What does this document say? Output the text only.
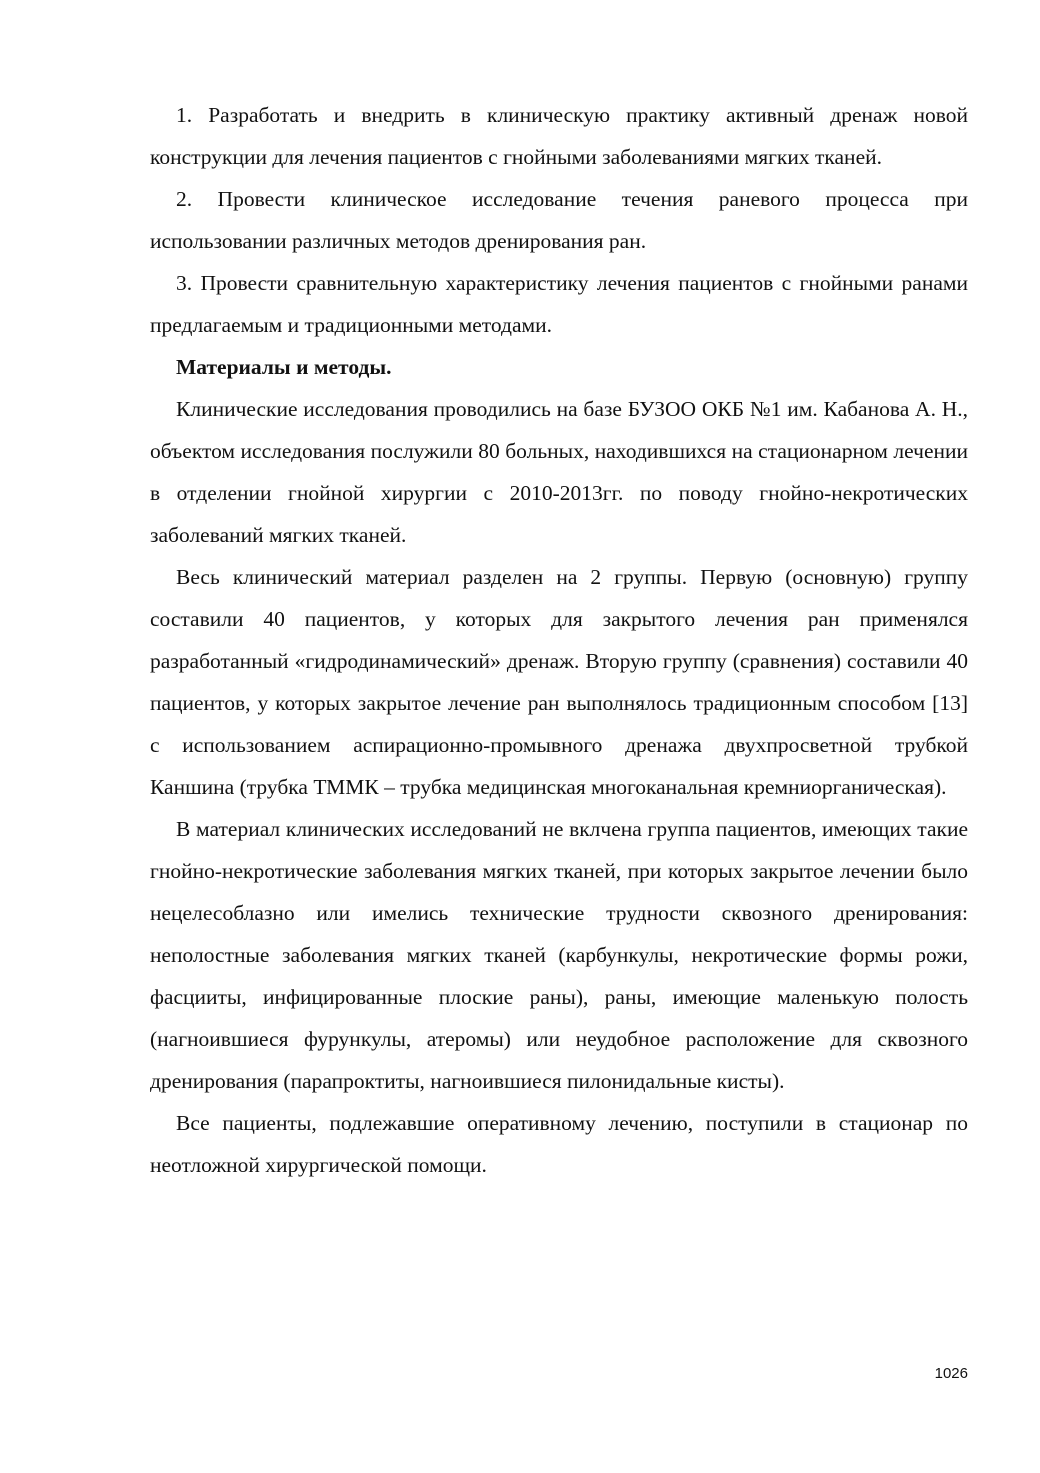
1. Разработать и внедрить в клиническую практику активный дренаж новой конструкции для лечения пациентов с гнойными заболеваниями мягких тканей.

2. Провести клиническое исследование течения раневого процесса при использовании различных методов дренирования ран.

3. Провести сравнительную характеристику лечения пациентов с гнойными ранами предлагаемым и традиционными методами.

Материалы и методы.

Клинические исследования проводились на базе БУЗОО ОКБ №1 им. Кабанова А. Н., объектом исследования послужили 80 больных, находившихся на стационарном лечении в отделении гнойной хирургии с 2010-2013гг. по поводу гнойно-некротических заболеваний мягких тканей.

Весь клинический материал разделен на 2 группы. Первую (основную) группу составили 40 пациентов, у которых для закрытого лечения ран применялся разработанный «гидродинамический» дренаж. Вторую группу (сравнения) составили 40 пациентов, у которых закрытое лечение ран выполнялось традиционным способом [13] с использованием аспирационно-промывного дренажа двухпросветной трубкой Каншина (трубка ТММК – трубка медицинская многоканальная кремниорганическая).

В материал клинических исследований не вклчена группа пациентов, имеющих такие гнойно-некротические заболевания мягких тканей, при которых закрытое лечении было нецелесоблазно или имелись технические трудности сквозного дренирования: неполостные заболевания мягких тканей (карбункулы, некротические формы рожи, фасцииты, инфицированные плоские раны), раны, имеющие маленькую полость (нагноившиеся фурункулы, атеромы) или неудобное расположение для сквозного дренирования (парапроктиты, нагноившиеся пилонидальные кисты).

Все пациенты, подлежавшие оперативному лечению, поступили в стационар по неотложной хирургической помощи.

1026
